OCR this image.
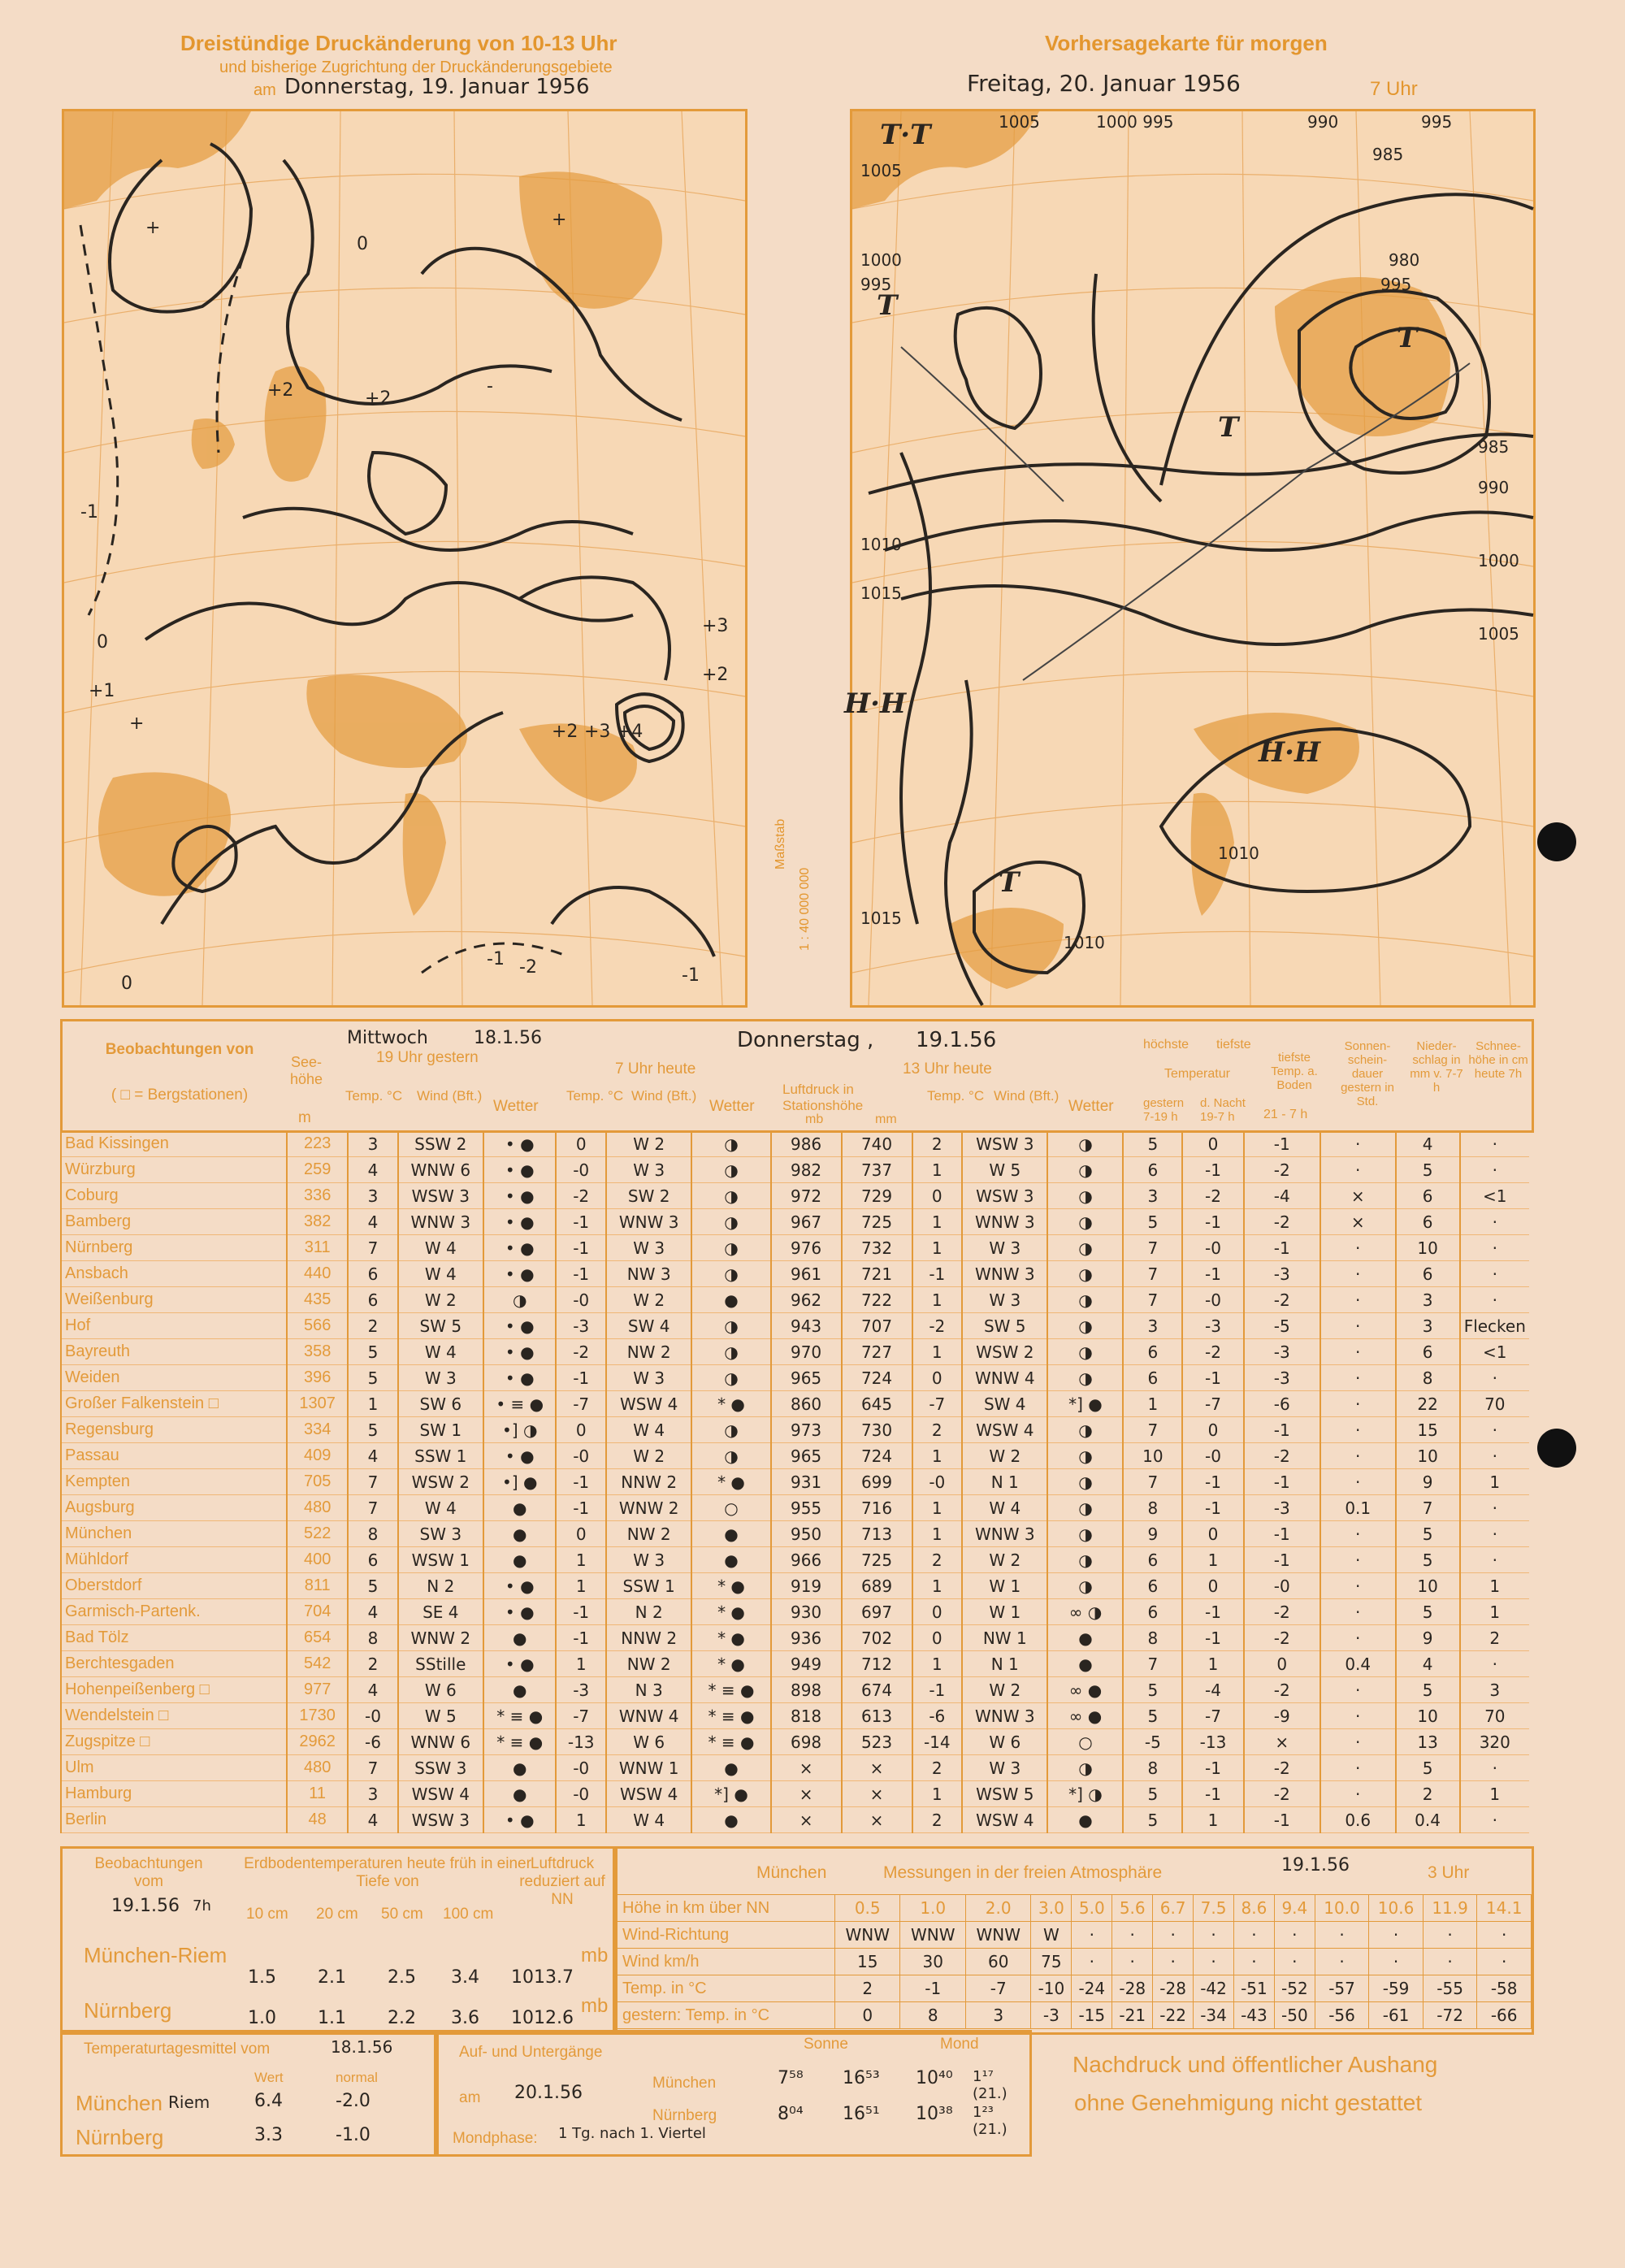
Dreistündige Druckänderung von 10-13 Uhr
und bisherige Zugrichtung der Druckänderungsgebiete
am Donnerstag, 19. Januar 1956
Vorhersagekarte für morgen
Freitag, 20. Januar 1956	7 Uhr
+
0
+2	+2
-
0
+1
-
+4
+3
+2
+2
+3
-1
+
-1 -2	-1
0
+
1005
1000
995
1010
1015
1005	1000 995	990	995
985
980
995
985
990
1000
1005
1010
1010
1015
T·T
T
T
T
H·H
H·H
T
Maßstab
1 : 40 000 000
Beobachtungen von
( □ = Bergstationen)
See- höhe
m
Mittwoch	18.1.56
19 Uhr gestern
Donnerstag , 19.1.56
7 Uhr heute	13 Uhr heute
Temp. °C Wind (Bft.)
Wetter
Temp. °C Wind (Bft.)
Wetter
Luftdruck in Stationshöhe
mb	mm
Temp. °C Wind (Bft.)
Wetter
höchste tiefste
Temperatur
gestern 7-19 h
d. Nacht 19-7 h
tiefste Temp. a. Boden
21 - 7 h
Sonnen- schein- dauer gestern in Std.
Nieder- schlag in mm v. 7-7 h
Schnee- höhe in cm heute 7h
Bad Kissingen	223	3	SSW 2	• ●	0	W 2	◑	986	740	2	WSW 3	◑	5	0	-1	·	4	·
Würzburg	259	4	WNW 6	• ●	-0	W 3	◑	982	737	1	W 5	◑	6	-1	-2	·	5	·
Coburg	336	3	WSW 3	• ●	-2	SW 2	◑	972	729	0	WSW 3	◑	3	-2	-4	×	6	<1
Bamberg	382	4	WNW 3	• ●	-1	WNW 3	◑	967	725	1	WNW 3	◑	5	-1	-2	×	6	·
Nürnberg	311	7	W 4	• ●	-1	W 3	◑	976	732	1	W 3	◑	7	-0	-1	·	10	·
Ansbach	440	6	W 4	• ●	-1	NW 3	◑	961	721	-1	WNW 3	◑	7	-1	-3	·	6	·
Weißenburg	435	6	W 2	◑	-0	W 2	●	962	722	1	W 3	◑	7	-0	-2	·	3	·
Hof	566	2	SW 5	• ●	-3	SW 4	◑	943	707	-2	SW 5	◑	3	-3	-5	·	3	Flecken
Bayreuth	358	5	W 4	• ●	-2	NW 2	◑	970	727	1	WSW 2	◑	6	-2	-3	·	6	<1
Weiden	396	5	W 3	• ●	-1	W 3	◑	965	724	0	WNW 4	◑	6	-1	-3	·	8	·
Großer Falkenstein □	1307	1	SW 6	• ≡ ●	-7	WSW 4	* ●	860	645	-7	SW 4	*] ●	1	-7	-6	·	22	70
Regensburg	334	5	SW 1	•] ◑	0	W 4	◑	973	730	2	WSW 4	◑	7	0	-1	·	15	·
Passau	409	4	SSW 1	• ●	-0	W 2	◑	965	724	1	W 2	◑	10	-0	-2	·	10	·
Kempten	705	7	WSW 2	•] ●	-1	NNW 2	* ●	931	699	-0	N 1	◑	7	-1	-1	·	9	1
Augsburg	480	7	W 4	●	-1	WNW 2	○	955	716	1	W 4	◑	8	-1	-3	0.1	7	·
München	522	8	SW 3	●	0	NW 2	●	950	713	1	WNW 3	◑	9	0	-1	·	5	·
Mühldorf	400	6	WSW 1	●	1	W 3	●	966	725	2	W 2	◑	6	1	-1	·	5	·
Oberstdorf	811	5	N 2	• ●	1	SSW 1	* ●	919	689	1	W 1	◑	6	0	-0	·	10	1
Garmisch-Partenk.	704	4	SE 4	• ●	-1	N 2	* ●	930	697	0	W 1	∞ ◑	6	-1	-2	·	5	1
Bad Tölz	654	8	WNW 2	●	-1	NNW 2	* ●	936	702	0	NW 1	●	8	-1	-2	·	9	2
Berchtesgaden	542	2	SStille	• ●	1	NW 2	* ●	949	712	1	N 1	●	7	1	0	0.4	4	·
Hohenpeißenberg □	977	4	W 6	●	-3	N 3	* ≡ ●	898	674	-1	W 2	∞ ●	5	-4	-2	·	5	3
Wendelstein □	1730	-0	W 5	* ≡ ●	-7	WNW 4	* ≡ ●	818	613	-6	WNW 3	∞ ●	5	-7	-9	·	10	70
Zugspitze □	2962	-6	WNW 6	* ≡ ●	-13	W 6	* ≡ ●	698	523	-14	W 6	○	-5	-13	×	·	13	320
Ulm	480	7	SSW 3	●	-0	WNW 1	●	×	×	2	W 3	◑	8	-1	-2	·	5	·
Hamburg	11	3	WSW 4	●	-0	WSW 4	*] ●	×	×	1	WSW 5	*] ◑	5	-1	-2	·	2	1
Berlin	48	4	WSW 3	• ●	1	W 4	●	×	×	2	WSW 4	●	5	1	-1	0.6	0.4	·
Beobachtungen vom
19.1.56 7h
Erdbodentemperaturen heute früh in einer Tiefe von
10 cm 20 cm 50 cm 100 cm
Luftdruck reduziert auf NN
München-Riem
1.5 2.1 2.5 3.4 1013.7
mb
Nürnberg	1.0 1.1 2.2 3.6 1012.6
mb
München	Messungen in der freien Atmosphäre	19.1.56	3 Uhr
Höhe in km über NN	0.5	1.0	2.0	3.0	5.0	5.6	6.7	7.5	8.6	9.4	10.0	10.6	11.9	14.1
Wind-Richtung	WNW	WNW	WNW	W	·	·	·	·	·	·	·	·	·	·
Wind km/h	15	30	60	75	·	·	·	·	·	·	·	·	·	·
Temp. in °C	2	-1	-7	-10	-24	-28	-28	-42	-51	-52	-57	-59	-55	-58
gestern: Temp. in °C	0	8	3	-3	-15	-21	-22	-34	-43	-50	-56	-61	-72	-66
Temperaturtagesmittel vom	18.1.56
Wert	normal
München Riem 6.4	-2.0
Nürnberg	3.3	-1.0
Auf- und Untergänge
am 20.1.56
Sonne	Mond
München	7⁵⁸ 16⁵³ 10⁴⁰ 1¹⁷ (21.)
Nürnberg	8⁰⁴ 16⁵¹ 10³⁸ 1²³ (21.)
Mondphase: 1 Tg. nach 1. Viertel
Nachdruck und öffentlicher Aushang
ohne Genehmigung nicht gestattet
